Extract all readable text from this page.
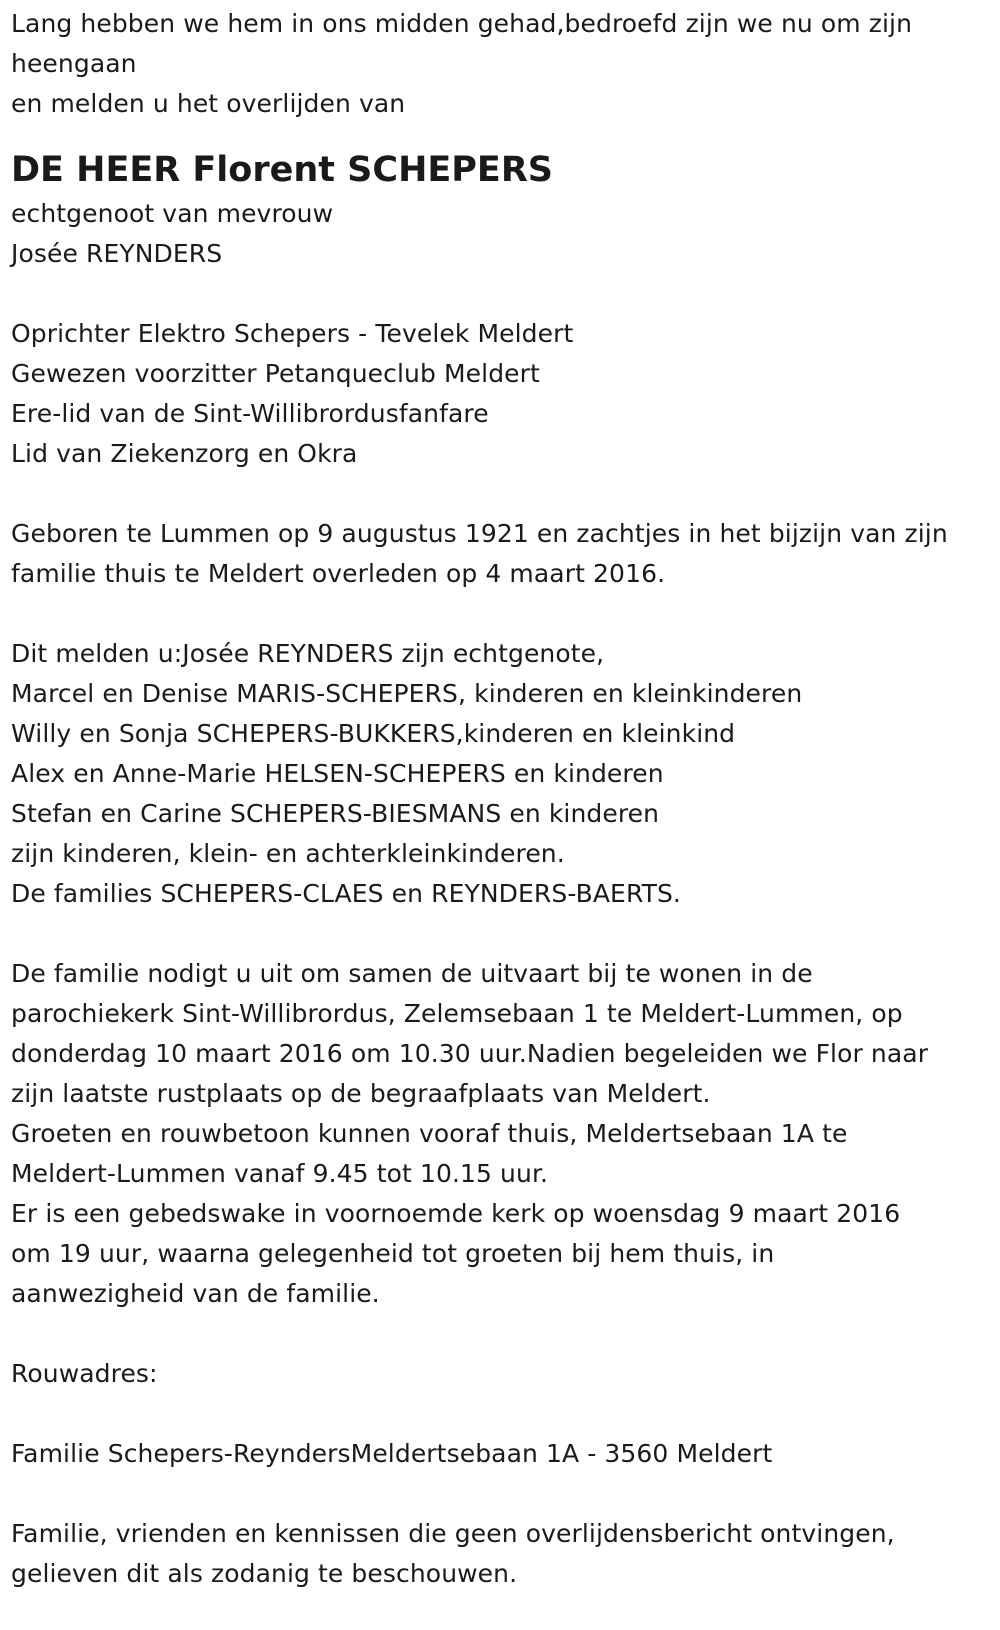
Lang hebben we hem in ons midden gehad,bedroefd zijn we nu om zijn
heengaan
en melden u het overlijden van
DE HEER Florent SCHEPERS
echtgenoot van mevrouw
Josée REYNDERS
Oprichter Elektro Schepers - Tevelek Meldert
Gewezen voorzitter Petanqueclub Meldert
Ere-lid van de Sint-Willibrordusfanfare
Lid van Ziekenzorg en Okra
Geboren te Lummen op 9 augustus 1921 en zachtjes in het bijzijn van zijn
familie thuis te Meldert overleden op 4 maart 2016.
Dit melden u:Josée REYNDERS zijn echtgenote,
Marcel en Denise MARIS-SCHEPERS, kinderen en kleinkinderen
Willy en Sonja SCHEPERS-BUKKERS,kinderen en kleinkind
Alex en Anne-Marie HELSEN-SCHEPERS en kinderen
Stefan en Carine SCHEPERS-BIESMANS en kinderen
zijn kinderen, klein- en achterkleinkinderen.
De families SCHEPERS-CLAES en REYNDERS-BAERTS.
De familie nodigt u uit om samen de uitvaart bij te wonen in de
parochiekerk Sint-Willibrordus, Zelemsebaan 1 te Meldert-Lummen, op
donderdag 10 maart 2016 om 10.30 uur.Nadien begeleiden we Flor naar
zijn laatste rustplaats op de begraafplaats van Meldert.
Groeten en rouwbetoon kunnen vooraf thuis, Meldertsebaan 1A te
Meldert-Lummen vanaf 9.45 tot 10.15 uur.
Er is een gebedswake in voornoemde kerk op woensdag 9 maart 2016
om 19 uur, waarna gelegenheid tot groeten bij hem thuis, in
aanwezigheid van de familie.
Rouwadres:
Familie Schepers-ReyndersMeldertsebaan 1A - 3560 Meldert
Familie, vrienden en kennissen die geen overlijdensbericht ontvingen,
gelieven dit als zodanig te beschouwen.
